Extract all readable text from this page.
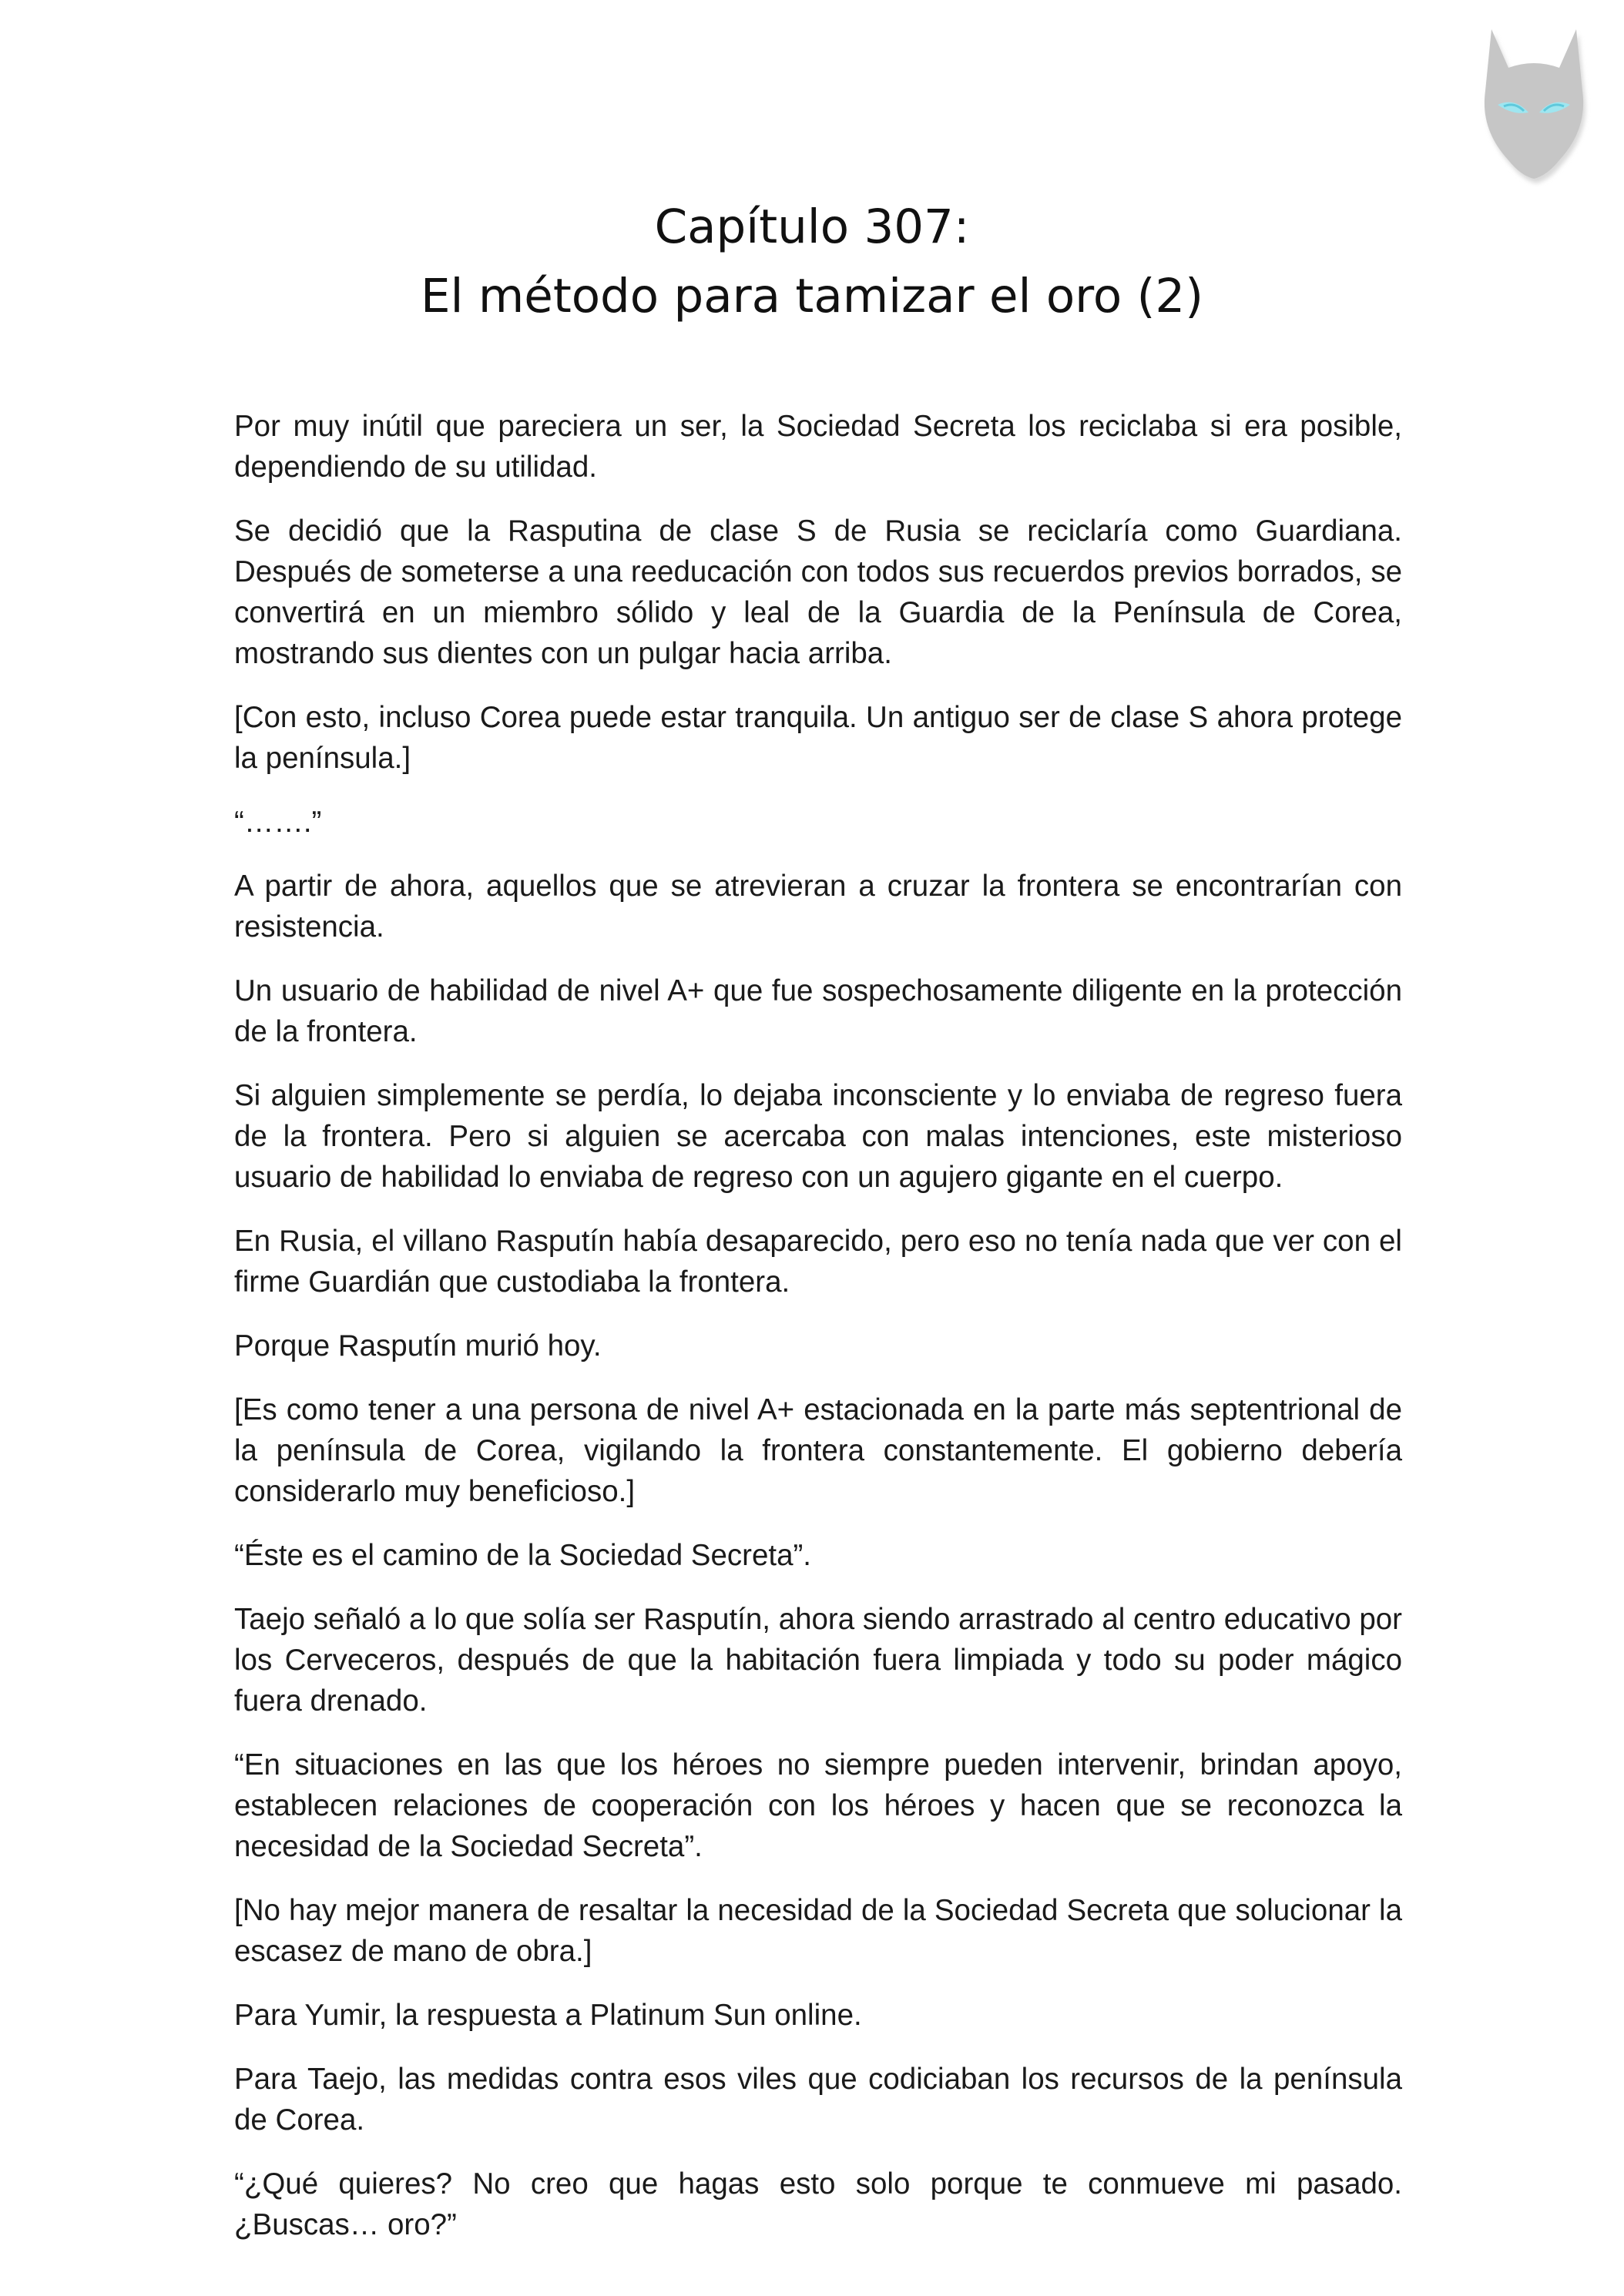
Capítulo 307:
El método para tamizar el oro (2)

Por muy inútil que pareciera un ser, la Sociedad Secreta los reciclaba si era posible, dependiendo de su utilidad.

Se decidió que la Rasputina de clase S de Rusia se reciclaría como Guardiana. Después de someterse a una reeducación con todos sus recuerdos previos borrados, se convertirá en un miembro sólido y leal de la Guardia de la Península de Corea, mostrando sus dientes con un pulgar hacia arriba.

[Con esto, incluso Corea puede estar tranquila. Un antiguo ser de clase S ahora protege la península.]

“…….”

A partir de ahora, aquellos que se atrevieran a cruzar la frontera se encontrarían con resistencia.

Un usuario de habilidad de nivel A+ que fue sospechosamente diligente en la protección de la frontera.

Si alguien simplemente se perdía, lo dejaba inconsciente y lo enviaba de regreso fuera de la frontera. Pero si alguien se acercaba con malas intenciones, este misterioso usuario de habilidad lo enviaba de regreso con un agujero gigante en el cuerpo.

En Rusia, el villano Rasputín había desaparecido, pero eso no tenía nada que ver con el firme Guardián que custodiaba la frontera.

Porque Rasputín murió hoy.

[Es como tener a una persona de nivel A+ estacionada en la parte más septentrional de la península de Corea, vigilando la frontera constantemente. El gobierno debería considerarlo muy beneficioso.]

“Éste es el camino de la Sociedad Secreta”.

Taejo señaló a lo que solía ser Rasputín, ahora siendo arrastrado al centro educativo por los Cerveceros, después de que la habitación fuera limpiada y todo su poder mágico fuera drenado.

“En situaciones en las que los héroes no siempre pueden intervenir, brindan apoyo, establecen relaciones de cooperación con los héroes y hacen que se reconozca la necesidad de la Sociedad Secreta”.

[No hay mejor manera de resaltar la necesidad de la Sociedad Secreta que solucionar la escasez de mano de obra.]

Para Yumir, la respuesta a Platinum Sun online.

Para Taejo, las medidas contra esos viles que codiciaban los recursos de la península de Corea.

“¿Qué quieres? No creo que hagas esto solo porque te conmueve mi pasado. ¿Buscas… oro?”
